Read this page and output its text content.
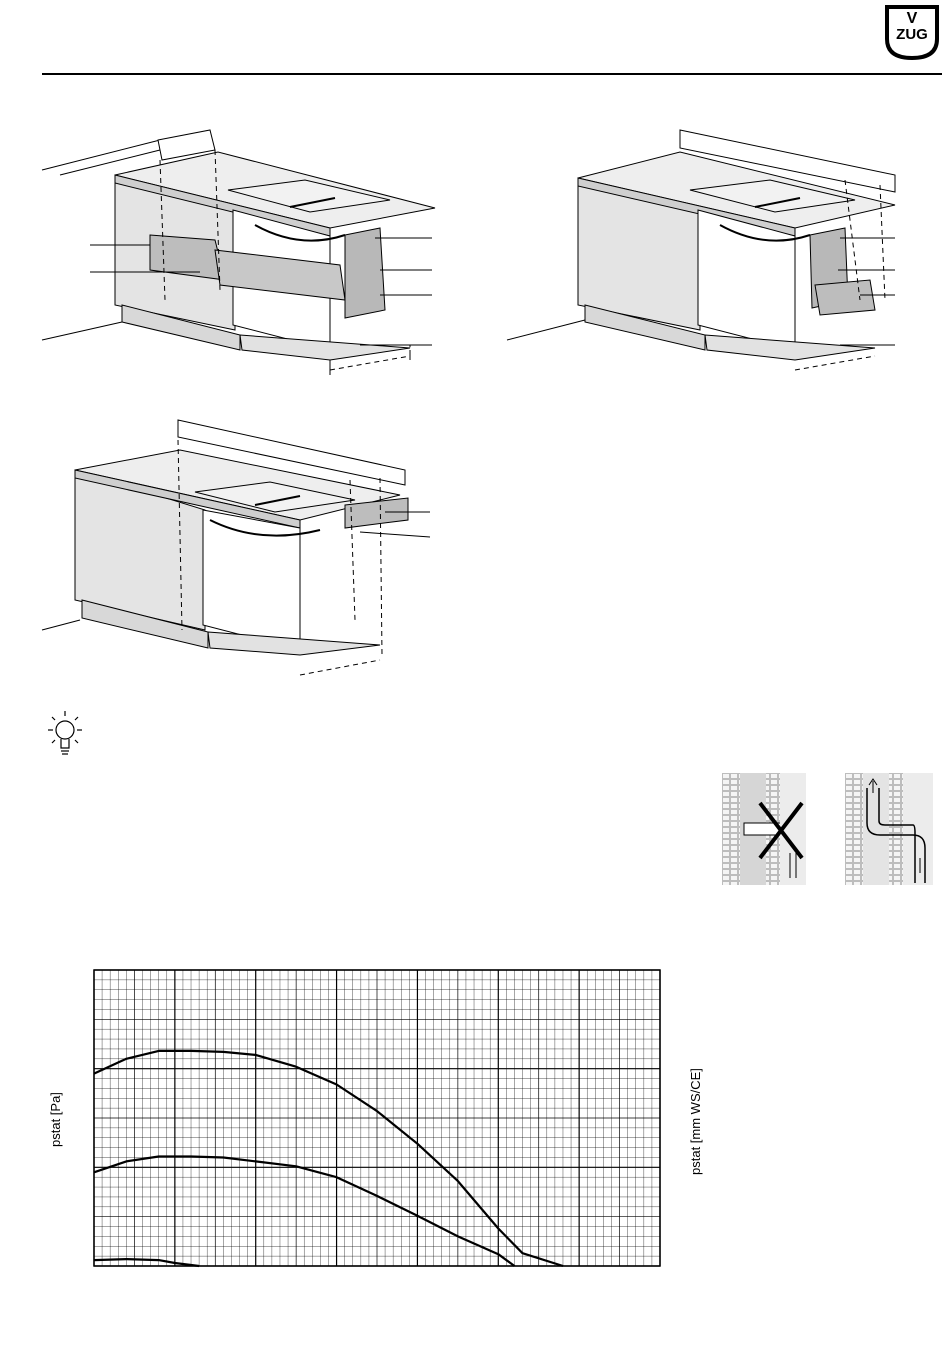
V
ZUG
pstat [Pa]	pstat [mm WS/CE]
